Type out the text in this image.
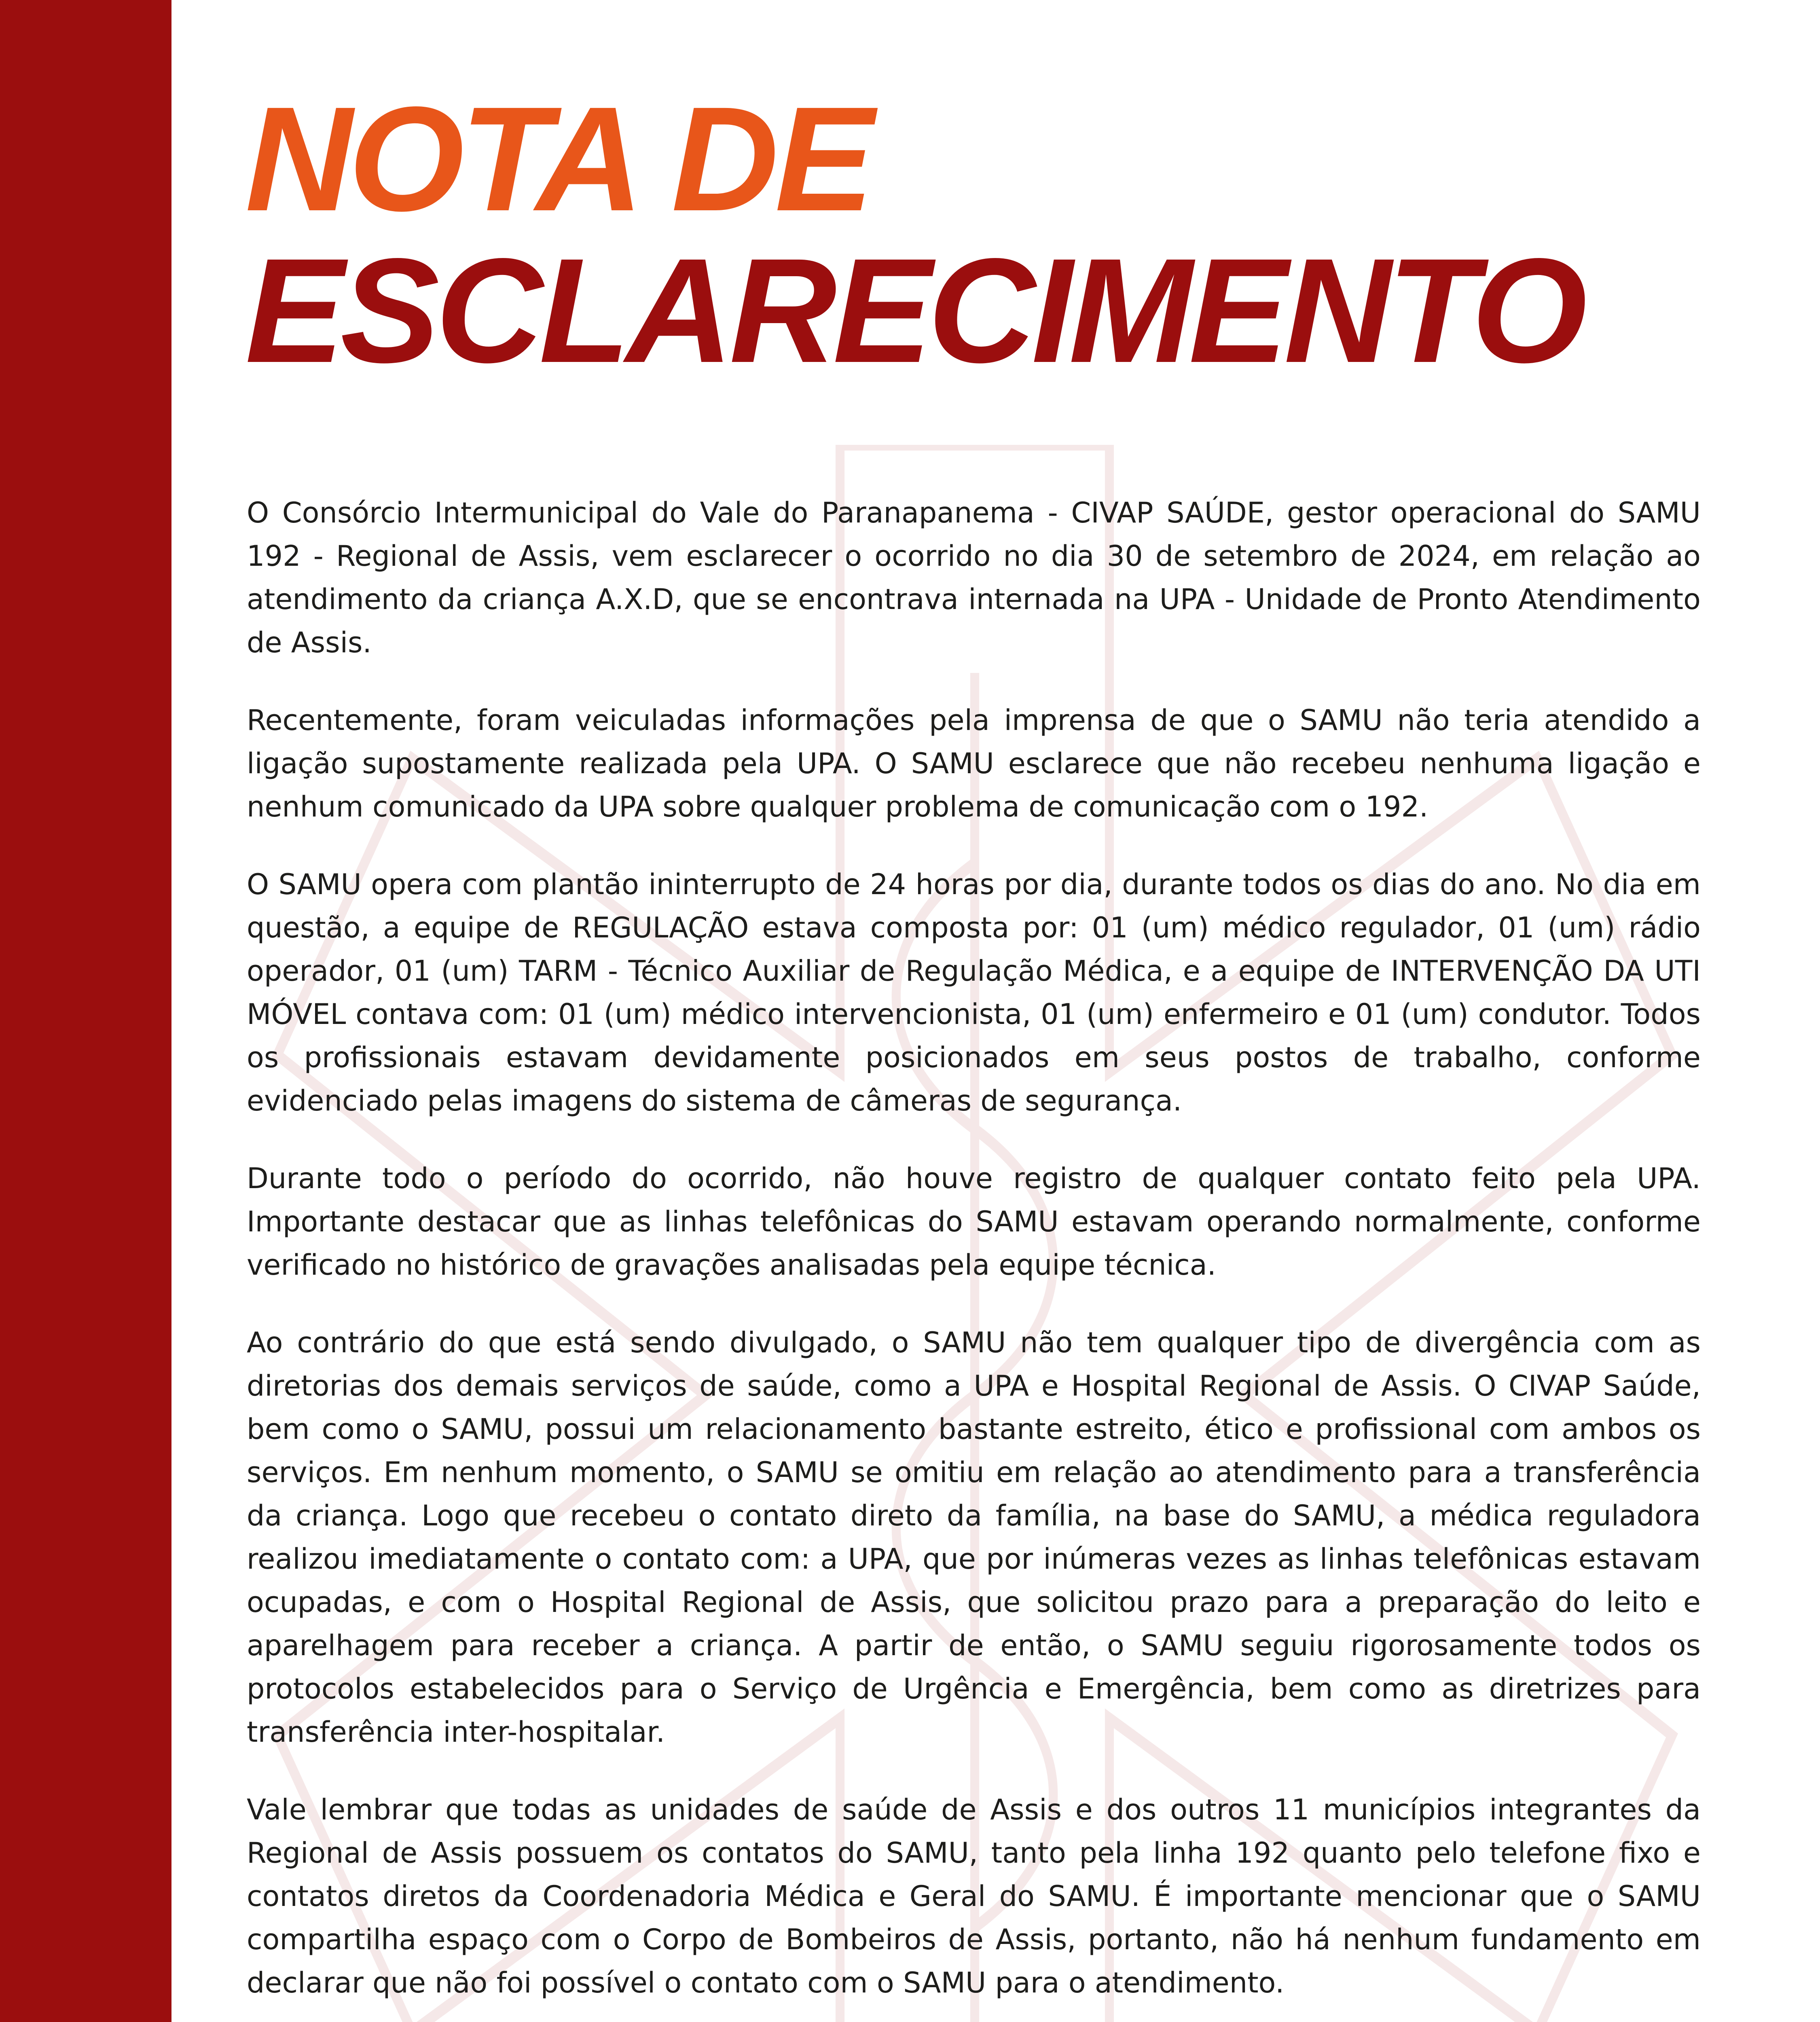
NOTA DE
ESCLARECIMENTO

O Consórcio Intermunicipal do Vale do Paranapanema - CIVAP SAÚDE, gestor operacional do SAMU 192 - Regional de Assis, vem esclarecer o ocorrido no dia 30 de setembro de 2024, em relação ao atendimento da criança A.X.D, que se encontrava internada na UPA - Unidade de Pronto Atendimento de Assis.

Recentemente, foram veiculadas informações pela imprensa de que o SAMU não teria atendido a ligação supostamente realizada pela UPA. O SAMU esclarece que não recebeu nenhuma ligação e nenhum comunicado da UPA sobre qualquer problema de comunicação com o 192.

O SAMU opera com plantão ininterrupto de 24 horas por dia, durante todos os dias do ano. No dia em questão, a equipe de REGULAÇÃO estava composta por: 01 (um) médico regulador, 01 (um) rádio operador, 01 (um) TARM - Técnico Auxiliar de Regulação Médica, e a equipe de INTERVENÇÃO DA UTI MÓVEL contava com: 01 (um) médico intervencionista, 01 (um) enfermeiro e 01 (um) condutor. Todos os profissionais estavam devidamente posicionados em seus postos de trabalho, conforme evidenciado pelas imagens do sistema de câmeras de segurança.

Durante todo o período do ocorrido, não houve registro de qualquer contato feito pela UPA. Importante destacar que as linhas telefônicas do SAMU estavam operando normalmente, conforme verificado no histórico de gravações analisadas pela equipe técnica.

Ao contrário do que está sendo divulgado, o SAMU não tem qualquer tipo de divergência com as diretorias dos demais serviços de saúde, como a UPA e Hospital Regional de Assis. O CIVAP Saúde, bem como o SAMU, possui um relacionamento bastante estreito, ético e profissional com ambos os serviços. Em nenhum momento, o SAMU se omitiu em relação ao atendimento para a transferência da criança. Logo que recebeu o contato direto da família, na base do SAMU, a médica reguladora realizou imediatamente o contato com: a UPA, que por inúmeras vezes as linhas telefônicas estavam ocupadas, e com o Hospital Regional de Assis, que solicitou prazo para a preparação do leito e aparelhagem para receber a criança. A partir de então, o SAMU seguiu rigorosamente todos os protocolos estabelecidos para o Serviço de Urgência e Emergência, bem como as diretrizes para transferência inter-hospitalar.

Vale lembrar que todas as unidades de saúde de Assis e dos outros 11 municípios integrantes da Regional de Assis possuem os contatos do SAMU, tanto pela linha 192 quanto pelo telefone fixo e contatos diretos da Coordenadoria Médica e Geral do SAMU. É importante mencionar que o SAMU compartilha espaço com o Corpo de Bombeiros de Assis, portanto, não há nenhum fundamento em declarar que não foi possível o contato com o SAMU para o atendimento.
